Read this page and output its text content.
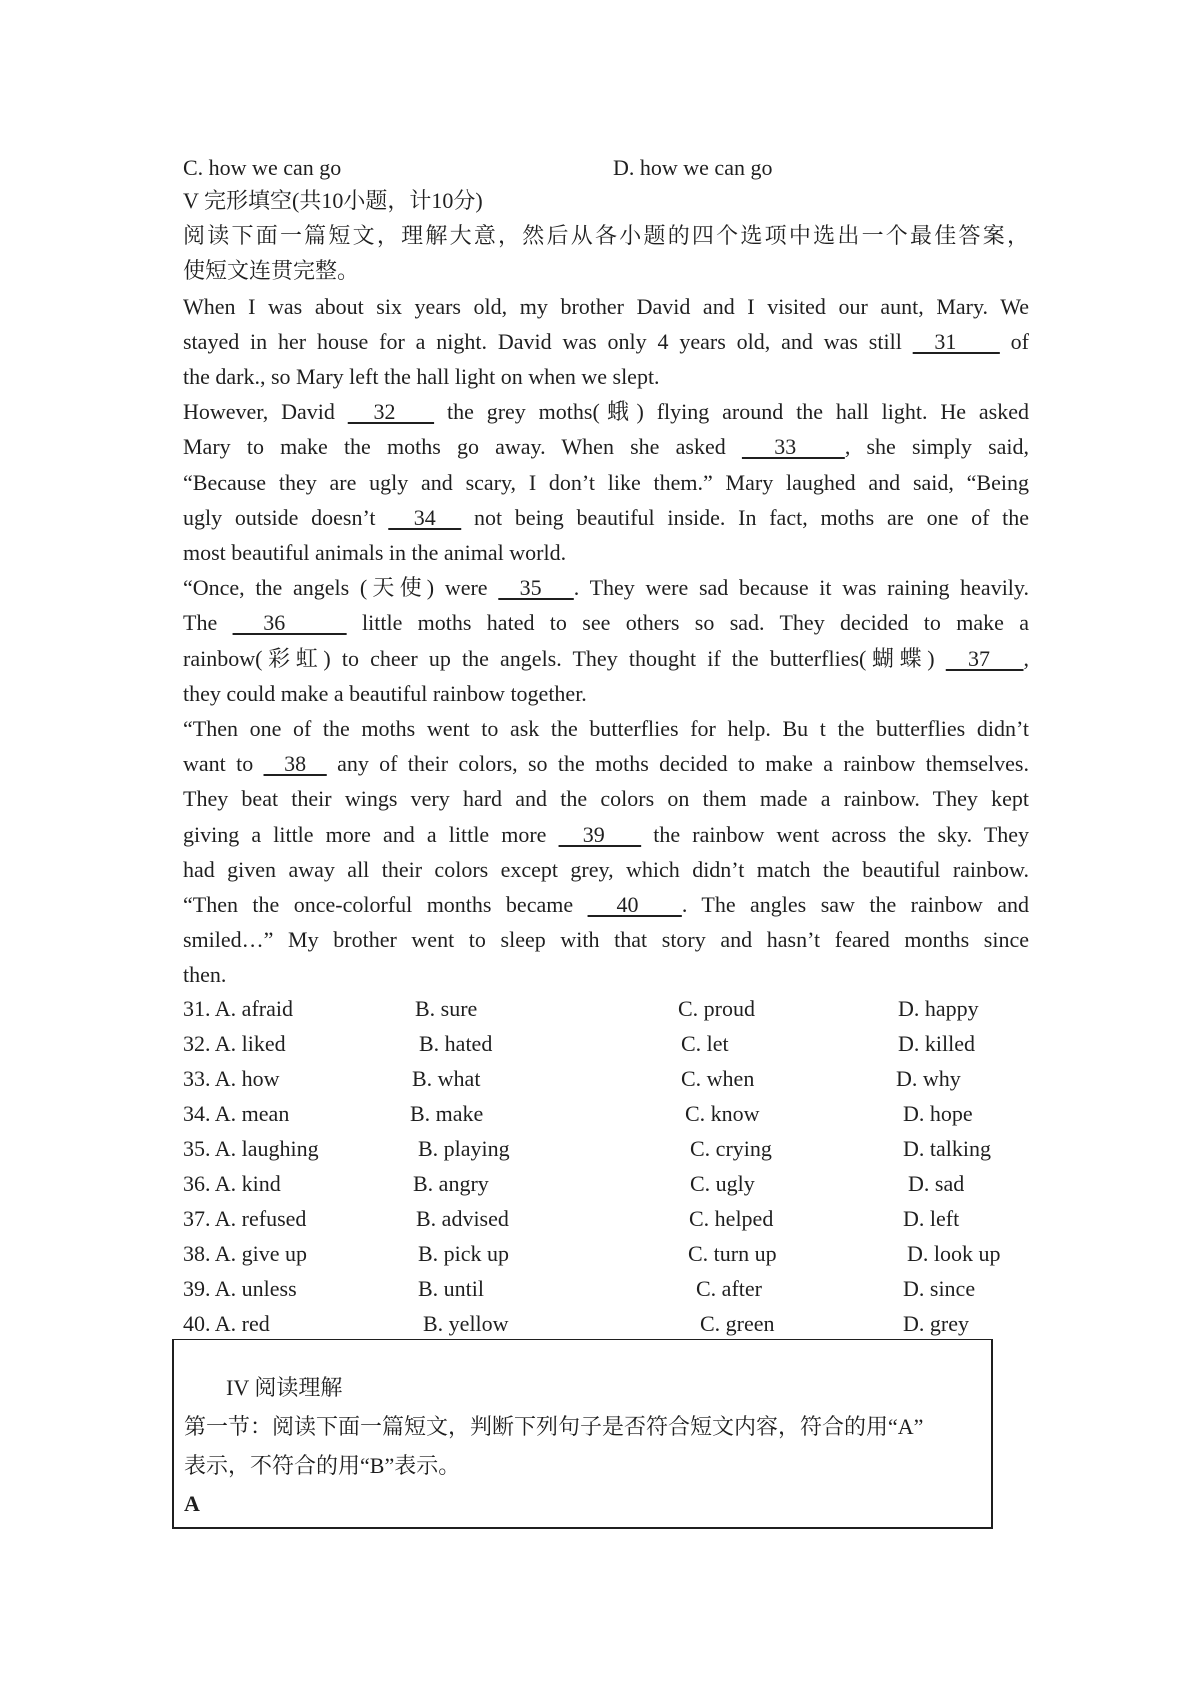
C. how we can go	D. how we can go
V 完形填空(共10小题，计10分)
阅读下面一篇短文，理解大意，然后从各小题的四个选项中选出一个最佳答案，
使短文连贯完整。
When I was about six years old, my brother David and I visited our aunt, Mary. We
stayed in her house for a night. David was only 4 years old, and was still   31     of
the dark., so Mary left the hall light on when we slept.
However, David   32    the grey moths(蛾) flying around the hall light. He asked
Mary to make the moths go away. When she asked   33   , she simply said,
“Because they are ugly and scary, I don’t like them.” Mary laughed and said, “Being
ugly outside doesn’t   34   not being beautiful inside. In fact, moths are one of the
most beautiful animals in the animal world.
“Once, the angels (天使) were   35   . They were sad because it was raining heavily.
The   36     little moths hated to see others so sad. They decided to make a
rainbow(彩虹) to cheer up the angels. They thought if the butterflies(蝴蝶)   37   ,
they could make a beautiful rainbow together.
“Then one of the moths went to ask the butterflies for help. Bu t the butterflies didn’t
want to   38   any of their colors, so the moths decided to make a rainbow themselves.
They beat their wings very hard and the colors on them made a rainbow. They kept
giving a little more and a little more   39    the rainbow went across the sky. They
had given away all their colors except grey, which didn’t match the beautiful rainbow.
“Then the once-colorful months became   40   . The angles saw the rainbow and
smiled…” My brother went to sleep with that story and hasn’t feared months since
then.
31. A. afraid	B. sure	C. proud	D. happy
32. A. liked	B. hated	C. let	D. killed
33. A. how	B. what	C. when	D. why
34. A. mean	B. make	C. know	D. hope
35. A. laughing	B. playing	C. crying	D. talking
36. A. kind	B. angry	C. ugly	D. sad
37. A. refused	B. advised	C. helped	D. left
38. A. give up	B. pick up	C. turn up	D. look up
39. A. unless	B. until	C. after	D. since
40. A. red	B. yellow	C. green	D. grey
IV 阅读理解
第一节：阅读下面一篇短文，判断下列句子是否符合短文内容，符合的用“A”
表示，不符合的用“B”表示。
A
